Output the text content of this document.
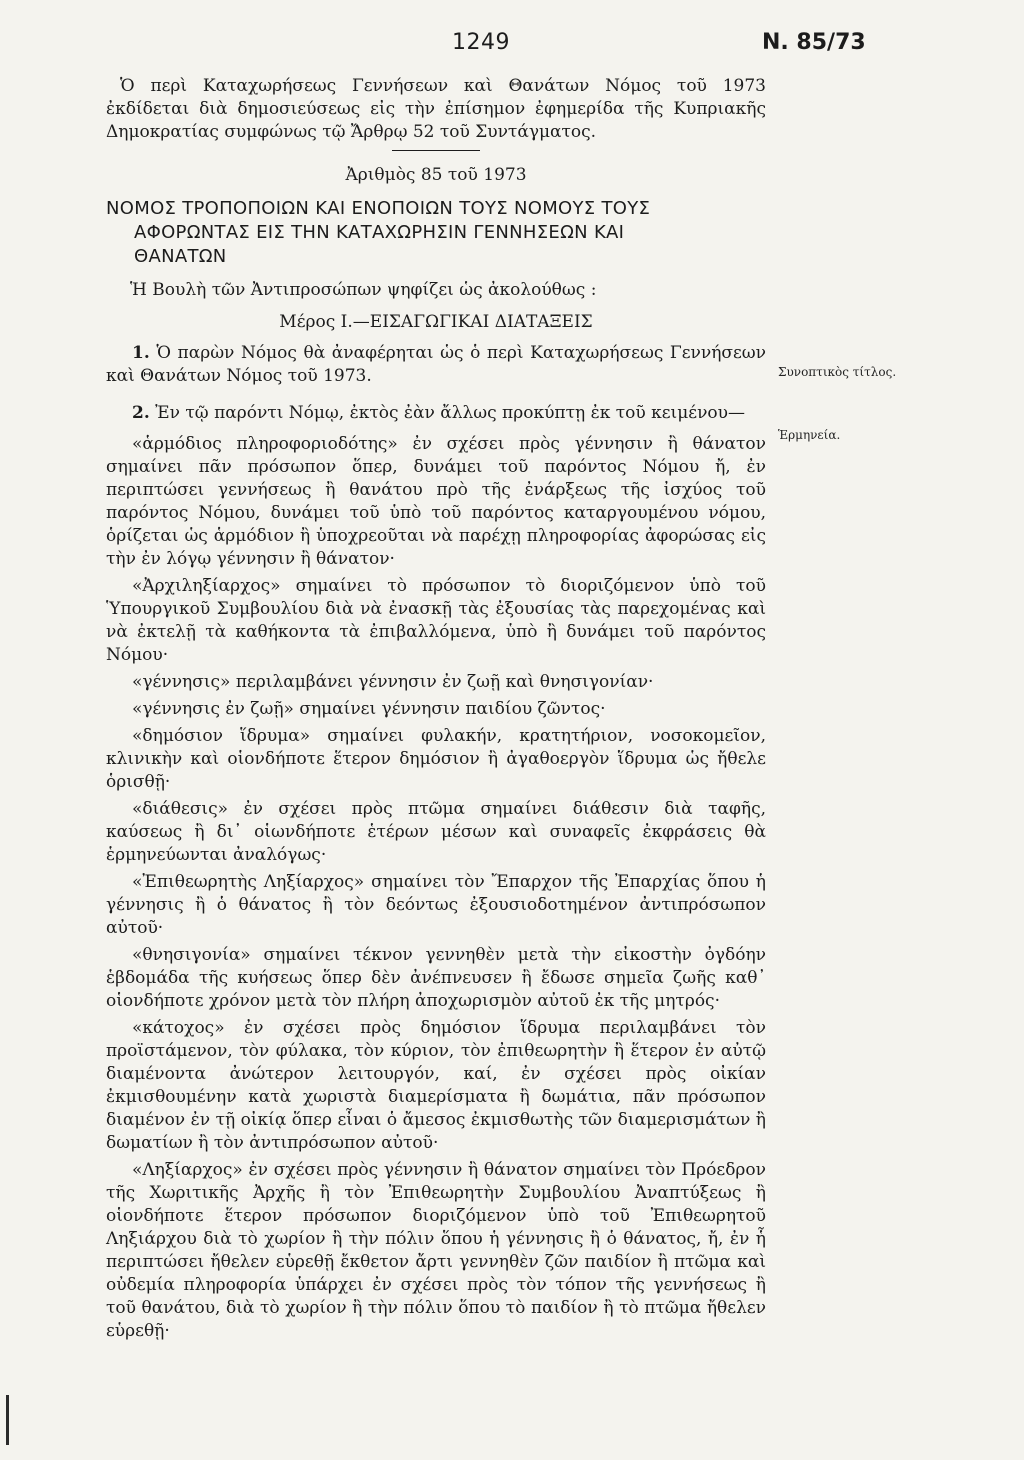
1249	Ν. 85/73

Ὁ περὶ Καταχωρήσεως Γεννήσεων καὶ Θανάτων Νόμος τοῦ 1973 ἐκδίδεται διὰ δημοσιεύσεως εἰς τὴν ἐπίσημον ἐφημερίδα τῆς Κυπριακῆς Δημοκρατίας συμφώνως τῷ Ἄρθρῳ 52 τοῦ Συντάγματος.

Ἀριθμὸς 85 τοῦ 1973
ΝΟΜΟΣ ΤΡΟΠΟΠΟΙΩΝ ΚΑΙ ΕΝΟΠΟΙΩΝ ΤΟΥΣ ΝΟΜΟΥΣ ΤΟΥΣ
ΑΦΟΡΩΝΤΑΣ ΕΙΣ ΤΗΝ ΚΑΤΑΧΩΡΗΣΙΝ ΓΕΝΝΗΣΕΩΝ ΚΑΙ
ΘΑΝΑΤΩΝ

Ἡ Βουλὴ τῶν Ἀντιπροσώπων ψηφίζει ὡς ἀκολούθως :

Μέρος Ι.—ΕΙΣΑΓΩΓΙΚΑΙ ΔΙΑΤΑΞΕΙΣ

1. Ὁ παρὼν Νόμος θὰ ἀναφέρηται ὡς ὁ περὶ Καταχωρήσεως Γεννήσεων καὶ Θανάτων Νόμος τοῦ 1973.

2. Ἐν τῷ παρόντι Νόμῳ, ἐκτὸς ἐὰν ἄλλως προκύπτῃ ἐκ τοῦ κειμένου—

«ἁρμόδιος πληροφοριοδότης» ἐν σχέσει πρὸς γέννησιν ἢ θάνατον σημαίνει πᾶν πρόσωπον ὅπερ, δυνάμει τοῦ παρόντος Νόμου ἤ, ἐν περιπτώσει γεννήσεως ἢ θανάτου πρὸ τῆς ἐνάρξεως τῆς ἰσχύος τοῦ παρόντος Νόμου, δυνάμει τοῦ ὑπὸ τοῦ παρόντος καταργουμένου νόμου, ὁρίζεται ὡς ἁρμόδιον ἢ ὑποχρεοῦται νὰ παρέχῃ πληροφορίας ἀφορώσας εἰς τὴν ἐν λόγῳ γέννησιν ἢ θάνατον·

«Ἀρχιληξίαρχος» σημαίνει τὸ πρόσωπον τὸ διοριζόμενον ὑπὸ τοῦ Ὑπουργικοῦ Συμβουλίου διὰ νὰ ἐνασκῇ τὰς ἐξουσίας τὰς παρεχομένας καὶ νὰ ἐκτελῇ τὰ καθήκοντα τὰ ἐπιβαλλόμενα, ὑπὸ ἢ δυνάμει τοῦ παρόντος Νόμου·

«γέννησις» περιλαμβάνει γέννησιν ἐν ζωῇ καὶ θνησιγονίαν·

«γέννησις ἐν ζωῇ» σημαίνει γέννησιν παιδίου ζῶντος·

«δημόσιον ἵδρυμα» σημαίνει φυλακήν, κρατητήριον, νοσοκομεῖον, κλινικὴν καὶ οἱονδήποτε ἕτερον δημόσιον ἢ ἀγαθοεργὸν ἵδρυμα ὡς ἤθελε ὁρισθῇ·

«διάθεσις» ἐν σχέσει πρὸς πτῶμα σημαίνει διάθεσιν διὰ ταφῆς, καύσεως ἢ δι᾽ οἱωνδήποτε ἑτέρων μέσων καὶ συναφεῖς ἐκφράσεις θὰ ἑρμηνεύωνται ἀναλόγως·

«Ἐπιθεωρητὴς Ληξίαρχος» σημαίνει τὸν Ἔπαρχον τῆς Ἐπαρχίας ὅπου ἡ γέννησις ἢ ὁ θάνατος ἢ τὸν δεόντως ἐξουσιοδοτημένον ἀντιπρόσωπον αὐτοῦ·

«θνησιγονία» σημαίνει τέκνον γεννηθὲν μετὰ τὴν εἰκοστὴν ὀγδόην ἑβδομάδα τῆς κυήσεως ὅπερ δὲν ἀνέπνευσεν ἢ ἔδωσε σημεῖα ζωῆς καθ᾽ οἱονδήποτε χρόνον μετὰ τὸν πλήρη ἀποχωρισμὸν αὐτοῦ ἐκ τῆς μητρός·

«κάτοχος» ἐν σχέσει πρὸς δημόσιον ἵδρυμα περιλαμβάνει τὸν προϊστάμενον, τὸν φύλακα, τὸν κύριον, τὸν ἐπιθεωρητὴν ἢ ἕτερον ἐν αὐτῷ διαμένοντα ἀνώτερον λειτουργόν, καί, ἐν σχέσει πρὸς οἰκίαν ἐκμισθουμένην κατὰ χωριστὰ διαμερίσματα ἢ δωμάτια, πᾶν πρόσωπον διαμένον ἐν τῇ οἰκίᾳ ὅπερ εἶναι ὁ ἄμεσος ἐκμισθωτὴς τῶν διαμερισμάτων ἢ δωματίων ἢ τὸν ἀντιπρόσωπον αὐτοῦ·

«Ληξίαρχος» ἐν σχέσει πρὸς γέννησιν ἢ θάνατον σημαίνει τὸν Πρόεδρον τῆς Χωριτικῆς Ἀρχῆς ἢ τὸν Ἐπιθεωρητὴν Συμβουλίου Ἀναπτύξεως ἢ οἱονδήποτε ἕτερον πρόσωπον διοριζόμενον ὑπὸ τοῦ Ἐπιθεωρητοῦ Ληξιάρχου διὰ τὸ χωρίον ἢ τὴν πόλιν ὅπου ἡ γέννησις ἢ ὁ θάνατος, ἤ, ἐν ἧ περιπτώσει ἤθελεν εὑρεθῇ ἔκθετον ἄρτι γεννηθὲν ζῶν παιδίον ἢ πτῶμα καὶ οὐδεμία πληροφορία ὑπάρχει ἐν σχέσει πρὸς τὸν τόπον τῆς γεννήσεως ἢ τοῦ θανάτου, διὰ τὸ χωρίον ἢ τὴν πόλιν ὅπου τὸ παιδίον ἢ τὸ πτῶμα ἤθελεν εὑρεθῇ·

Συνοπτικὸς τίτλος.
Ἑρμηνεία.
